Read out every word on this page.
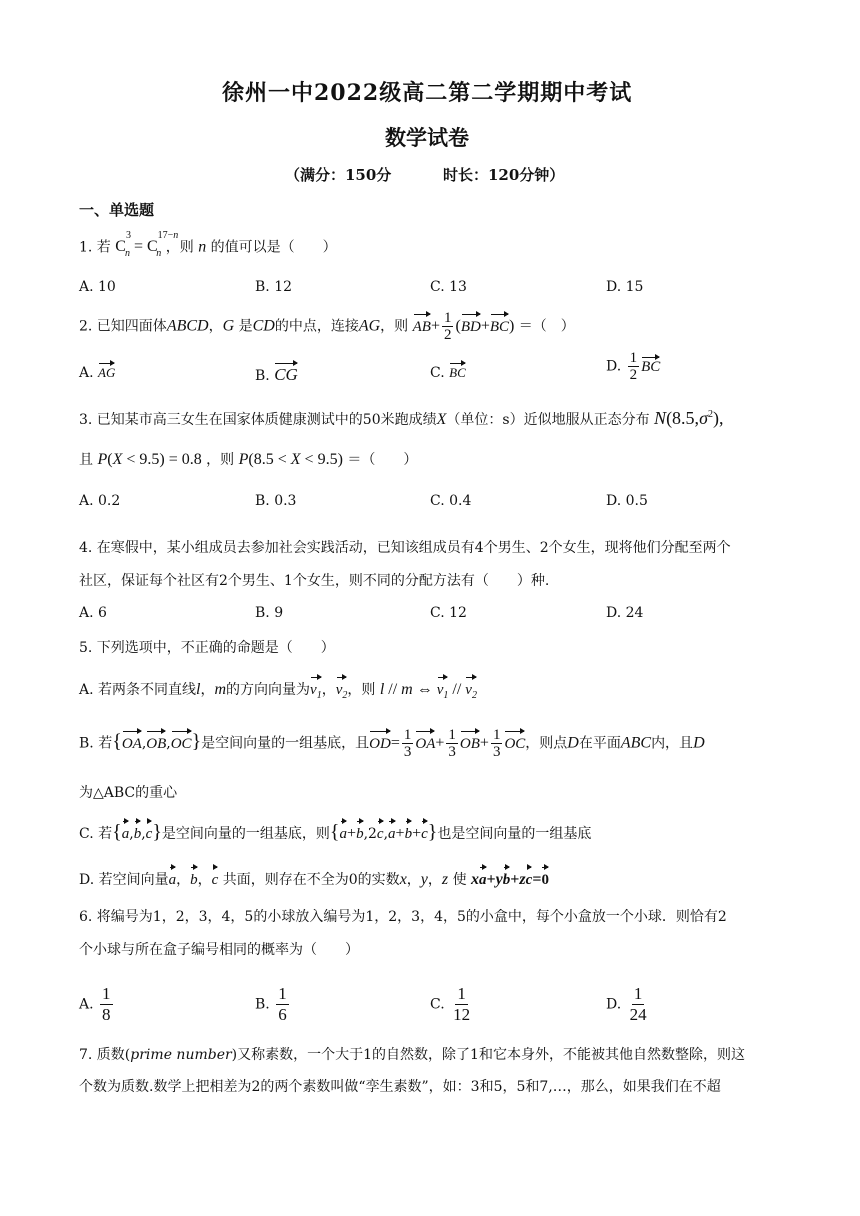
徐州一中2022级高二第二学期期中考试
数学试卷
（满分：150分	时长：120分钟）
一、单选题
1. 若 $C^3_n = C^{17-n}_n$ ，则 n 的值可以是（　　）
A. 10	B. 12	C. 13	D. 15
2. 已知四面体ABCD，G 是CD的中点，连接AG，则 $AB+ \frac{1}{2} (BD+BC)$ ＝（　）
A. AG	B. CG	C. BC	D. $\frac{1}{2}$ BC
3. 已知某市高三女生在国家体质健康测试中的50米跑成绩X（单位：s）近似地服从正态分布 $N(8.5,\sigma^2)$,
且 P(X < 9.5) = 0.8 ，则 P(8.5 < X < 9.5) ＝（　　）
A. 0.2	B. 0.3	C. 0.4	D. 0.5
4. 在寒假中，某小组成员去参加社会实践活动，已知该组成员有4个男生、2个女生，现将他们分配至两个
社区，保证每个社区有2个男生、1个女生，则不同的分配方法有（　　）种.
A. 6	B. 9	C. 12	D. 24
5. 下列选项中，不正确的命题是（　　）
A. 若两条不同直线l，m的方向向量为$v_1$，$v_2$，则 l // m ⇔ $v_1 // v_2$
B. 若{OA,OB,OC}是空间向量的一组基底，且$OD= \frac{1}{3} OA+ \frac{1}{3} OB+ \frac{1}{3}$ OC，则点D在平面ABC内，且D
为△ABC的重心
C. 若{a,b,c}是空间向量的一组基底，则{a+b,2c,a+b+c}也是空间向量的一组基底
D. 若空间向量a，b，c 共面，则存在不全为0的实数x，y，z 使 xa+yb+zc=0
6. 将编号为1，2，3，4，5的小球放入编号为1，2，3，4，5的小盒中，每个小盒放一个小球．则恰有2
个小球与所在盒子编号相同的概率为（　　）
A. $\frac{1}{8}$	B. $\frac{1}{6}$	C. $\frac{1}{12}$	D. $\frac{1}{24}$
7. 质数(prime number)又称素数，一个大于1的自然数，除了1和它本身外，不能被其他自然数整除，则这
个数为质数.数学上把相差为2的两个素数叫做“孪生素数”，如：3和5，5和7,…，那么，如果我们在不超
